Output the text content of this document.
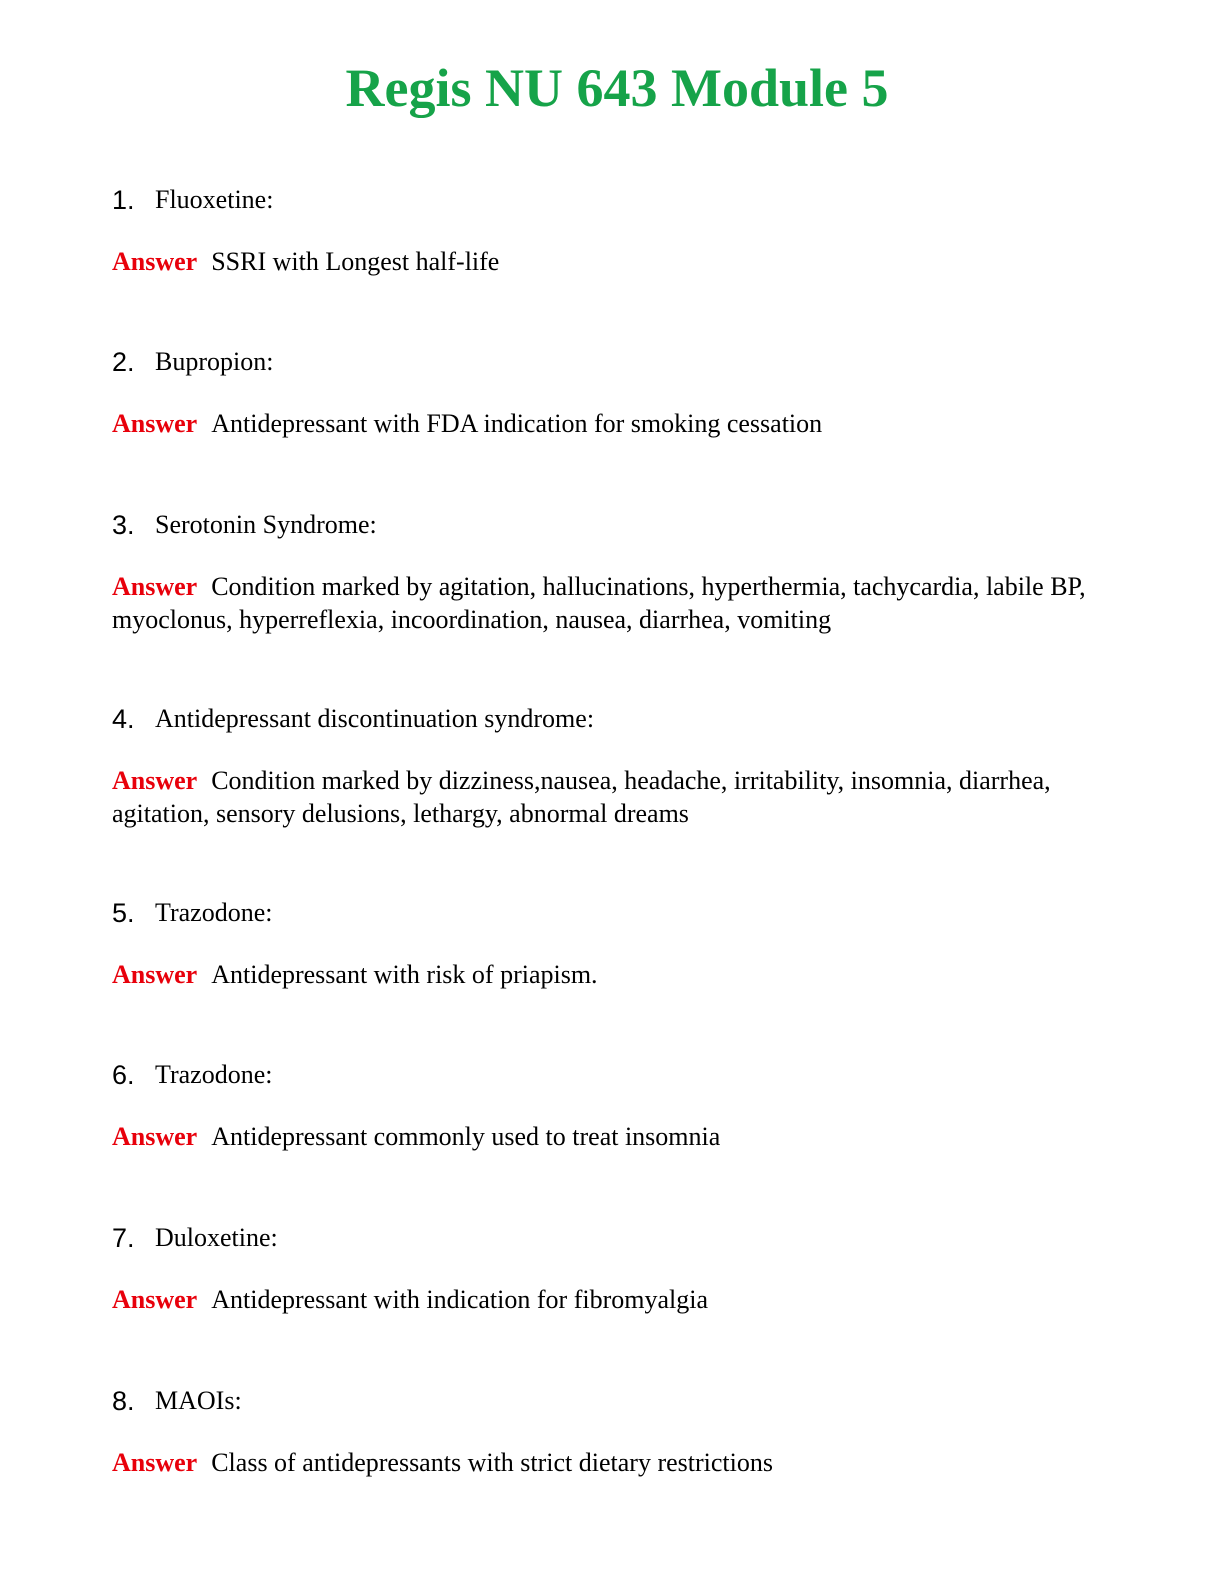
Regis NU 643 Module 5
1. Fluoxetine:
Answer SSRI with Longest half-life
2. Bupropion:
Answer Antidepressant with FDA indication for smoking cessation
3. Serotonin Syndrome:
Answer Condition marked by agitation, hallucinations, hyperthermia, tachycardia, labile BP, myoclonus, hyperreflexia, incoordination, nausea, diarrhea, vomiting
4. Antidepressant discontinuation syndrome:
Answer Condition marked by dizziness,nausea, headache, irritability, insomnia, diarrhea, agitation, sensory delusions, lethargy, abnormal dreams
5. Trazodone:
Answer Antidepressant with risk of priapism.
6. Trazodone:
Answer Antidepressant commonly used to treat insomnia
7. Duloxetine:
Answer Antidepressant with indication for fibromyalgia
8. MAOIs:
Answer Class of antidepressants with strict dietary restrictions
